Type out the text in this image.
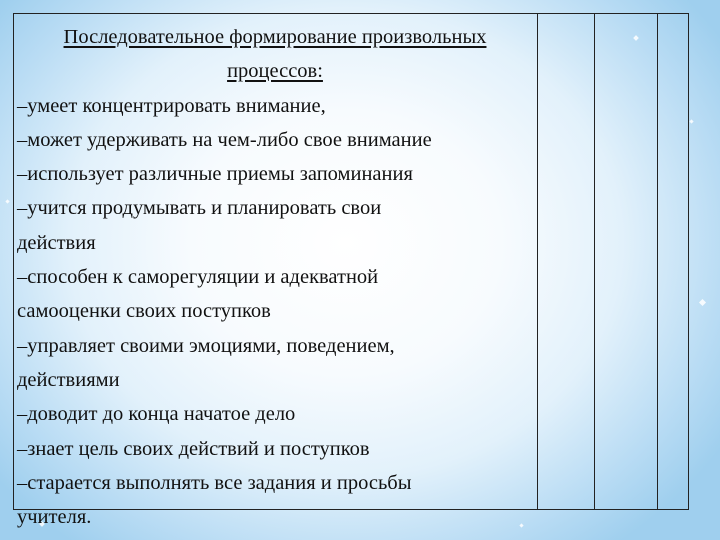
Последовательное формирование произвольных
процессов:
–умеет концентрировать внимание,
–может удерживать на чем-либо свое внимание
–использует различные приемы запоминания
–учится продумывать и планировать свои
действия
–способен к саморегуляции и адекватной
самооценки своих поступков
–управляет своими эмоциями, поведением,
действиями
–доводит до конца начатое дело
–знает цель своих действий и поступков
–старается выполнять все задания и просьбы
учителя.
